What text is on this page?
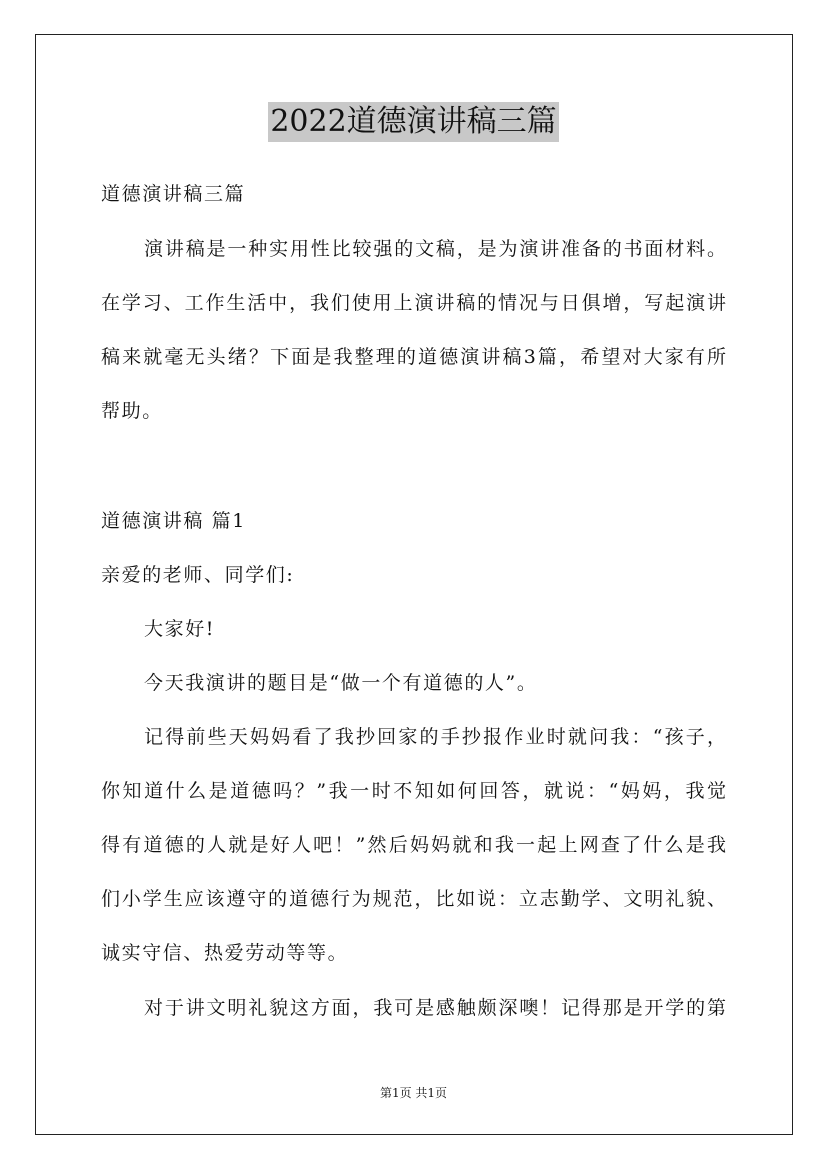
2022道德演讲稿三篇
道德演讲稿三篇
演讲稿是一种实用性比较强的文稿，是为演讲准备的书面材料。
在学习、工作生活中，我们使用上演讲稿的情况与日俱增，写起演讲
稿来就毫无头绪？下面是我整理的道德演讲稿3篇，希望对大家有所
帮助。
道德演讲稿 篇1
亲爱的老师、同学们:
大家好!
今天我演讲的题目是“做一个有道德的人”。
记得前些天妈妈看了我抄回家的手抄报作业时就问我：“孩子，
你知道什么是道德吗？”我一时不知如何回答，就说：“妈妈，我觉
得有道德的人就是好人吧！”然后妈妈就和我一起上网查了什么是我
们小学生应该遵守的道德行为规范，比如说：立志勤学、文明礼貌、
诚实守信、热爱劳动等等。
对于讲文明礼貌这方面，我可是感触颇深噢！记得那是开学的第
第1页 共1页
